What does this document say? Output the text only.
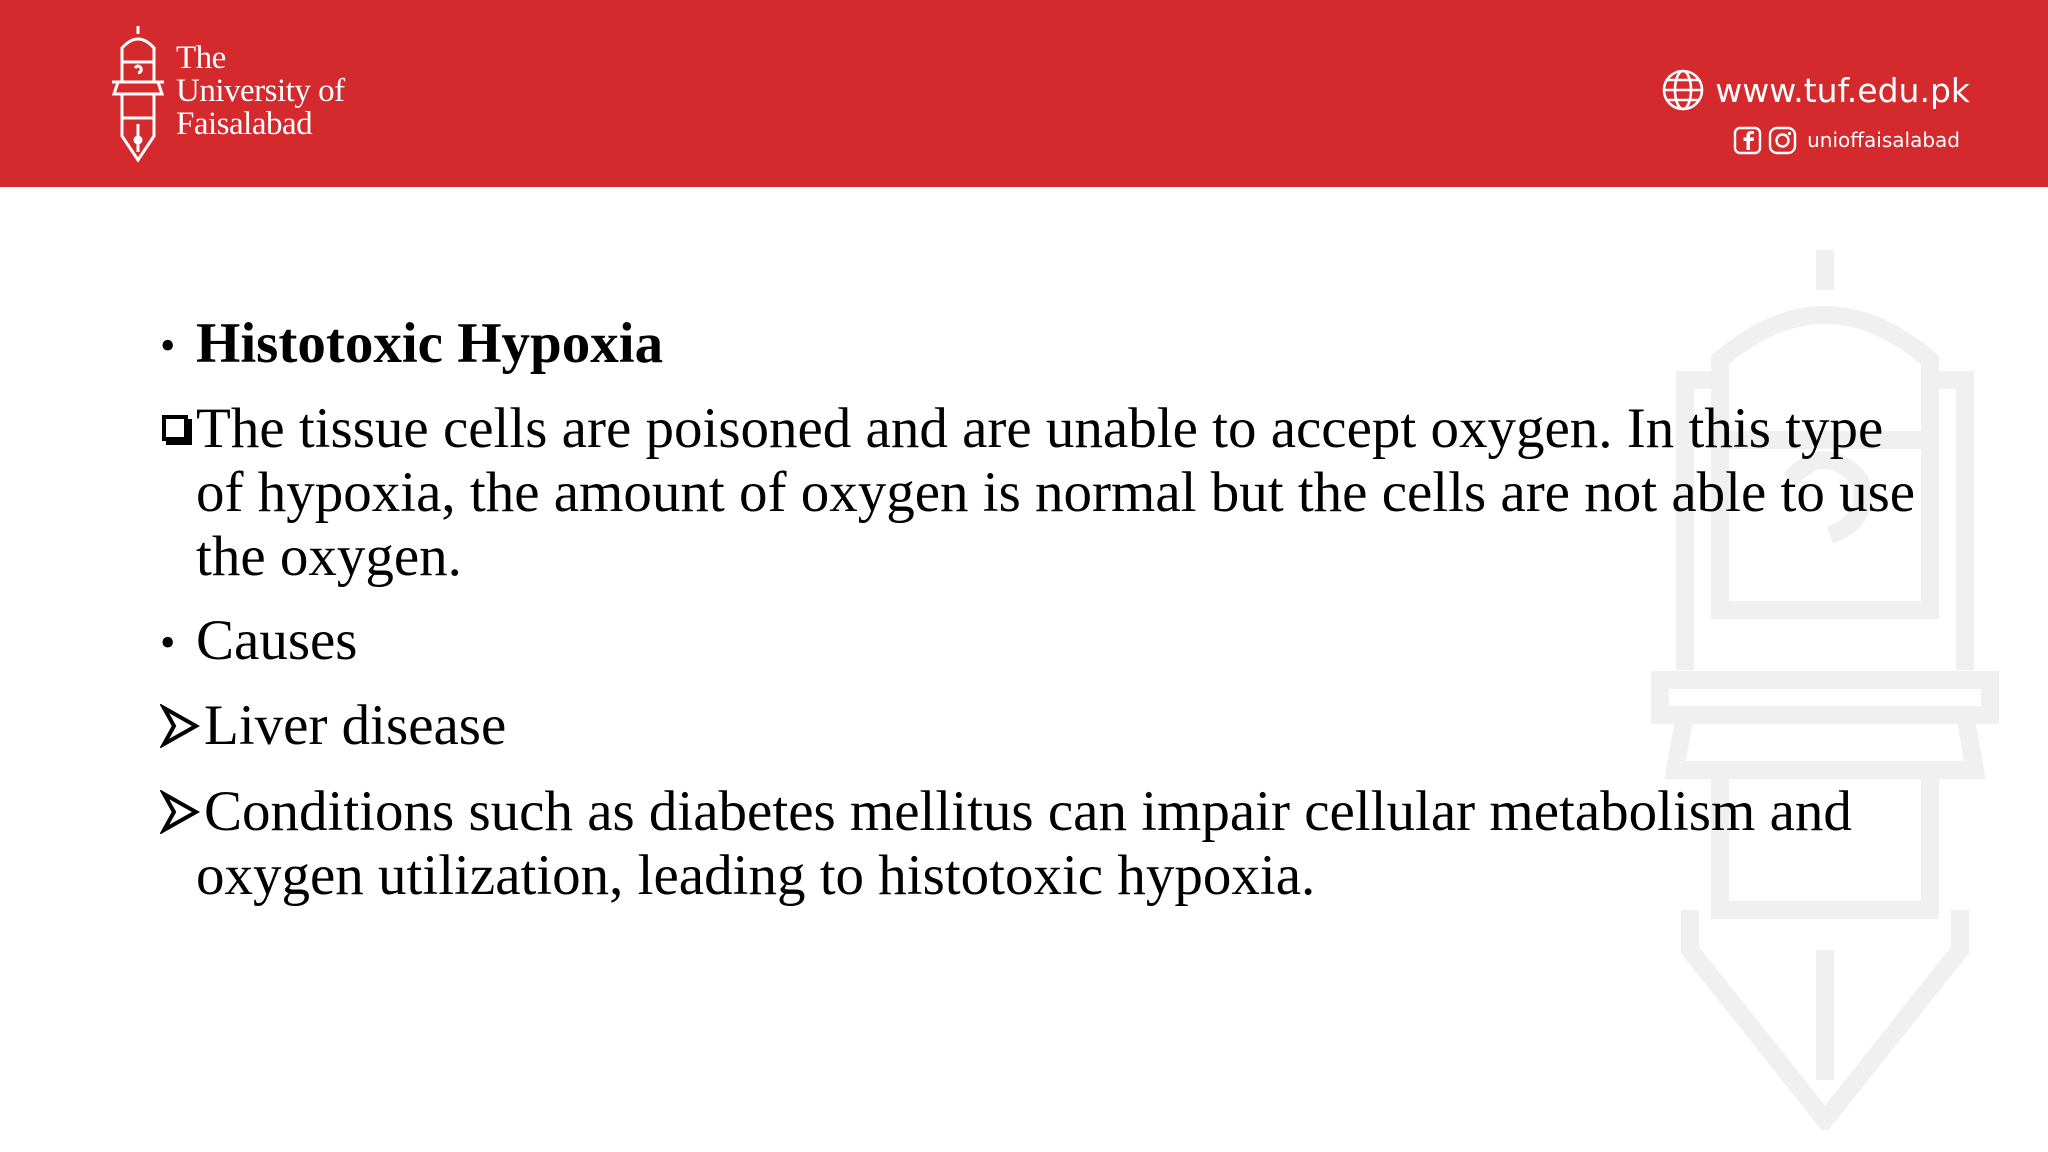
The
University of
Faisalabad
www.tuf.edu.pk
unioffaisalabad
• Histotoxic Hypoxia
The tissue cells are poisoned and are unable to accept oxygen. In this type of hypoxia, the amount of oxygen is normal but the cells are not able to use the oxygen.
• Causes
Liver disease
Conditions such as diabetes mellitus can impair cellular metabolism and oxygen utilization, leading to histotoxic hypoxia.
